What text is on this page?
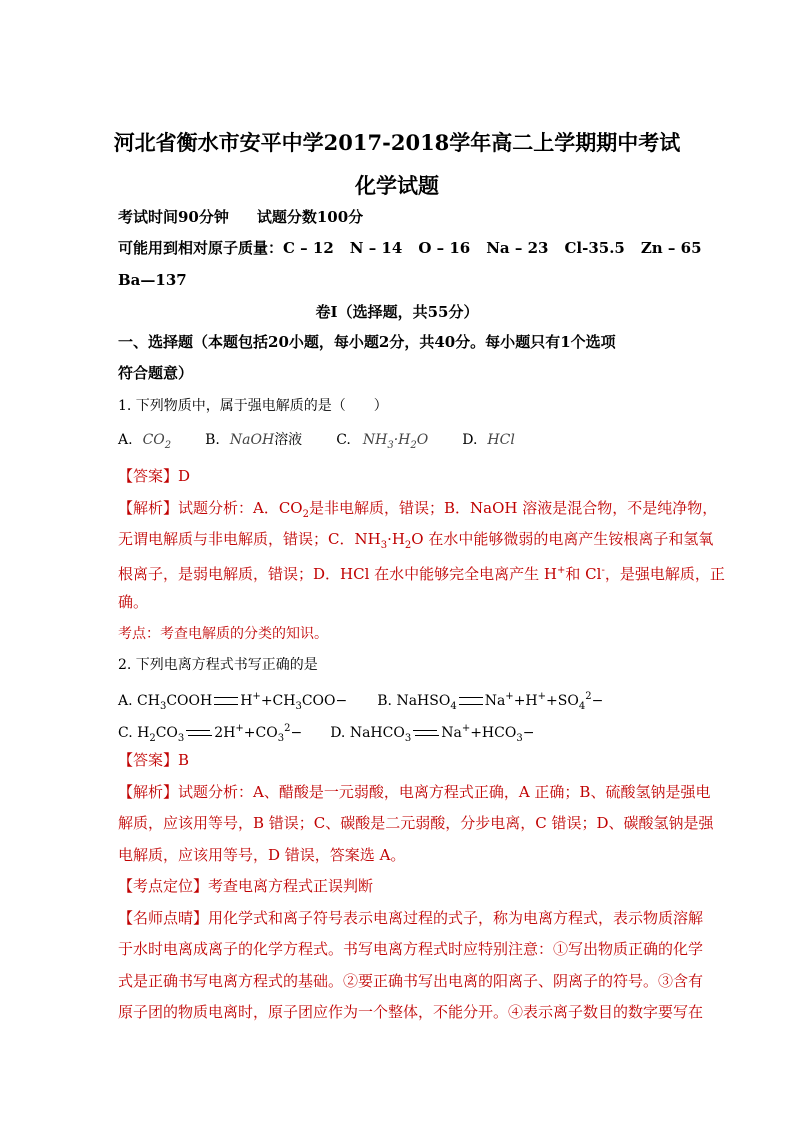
河北省衡水市安平中学2017-2018学年高二上学期期中考试
化学试题
考试时间90分钟 试题分数100分
可能用到相对原子质量：C – 12 N – 14 O – 16 Na – 23 Cl-35.5 Zn – 65
Ba—137
卷Ⅰ（选择题，共55分）
一、选择题（本题包括20小题，每小题2分，共40分。每小题只有1个选项
符合题意）
1. 下列物质中，属于强电解质的是（　　）
A. $CO_2$ B. NaOH溶液 C. $NH_3\cdot H_2O$ D. HCl
【答案】D
【解析】试题分析：A．$CO_2$是非电解质，错误；B．NaOH 溶液是混合物，不是纯净物，
无谓电解质与非电解质，错误；C．$NH_3\cdot H_2O$ 在水中能够微弱的电离产生铵根离子和氢氧
根离子，是弱电解质，错误；D．HCl 在水中能够完全电离产生 H+和 Cl-，是强电解质，正
确。
考点：考查电解质的分类的知识。
2. 下列电离方程式书写正确的是
A. $CH_3COOH$ $H^++CH_3COO- B$. NaHSO$_4$ $Na^++H^++SO_4^2-$
C. $H_2CO_3$ $2H^++CO_3^2- D$. NaHCO$_3$ $Na^++HCO_3-$
【答案】B
【解析】试题分析：A、醋酸是一元弱酸，电离方程式正确，A 正确；B、硫酸氢钠是强电
解质，应该用等号，B 错误；C、碳酸是二元弱酸，分步电离，C 错误；D、碳酸氢钠是强
电解质，应该用等号，D 错误，答案选 A。
【考点定位】考查电离方程式正误判断
【名师点晴】用化学式和离子符号表示电离过程的式子，称为电离方程式，表示物质溶解
于水时电离成离子的化学方程式。书写电离方程式时应特别注意：①写出物质正确的化学
式是正确书写电离方程式的基础。②要正确书写出电离的阳离子、阴离子的符号。③含有
原子团的物质电离时，原子团应作为一个整体，不能分开。④表示离子数目的数字要写在
